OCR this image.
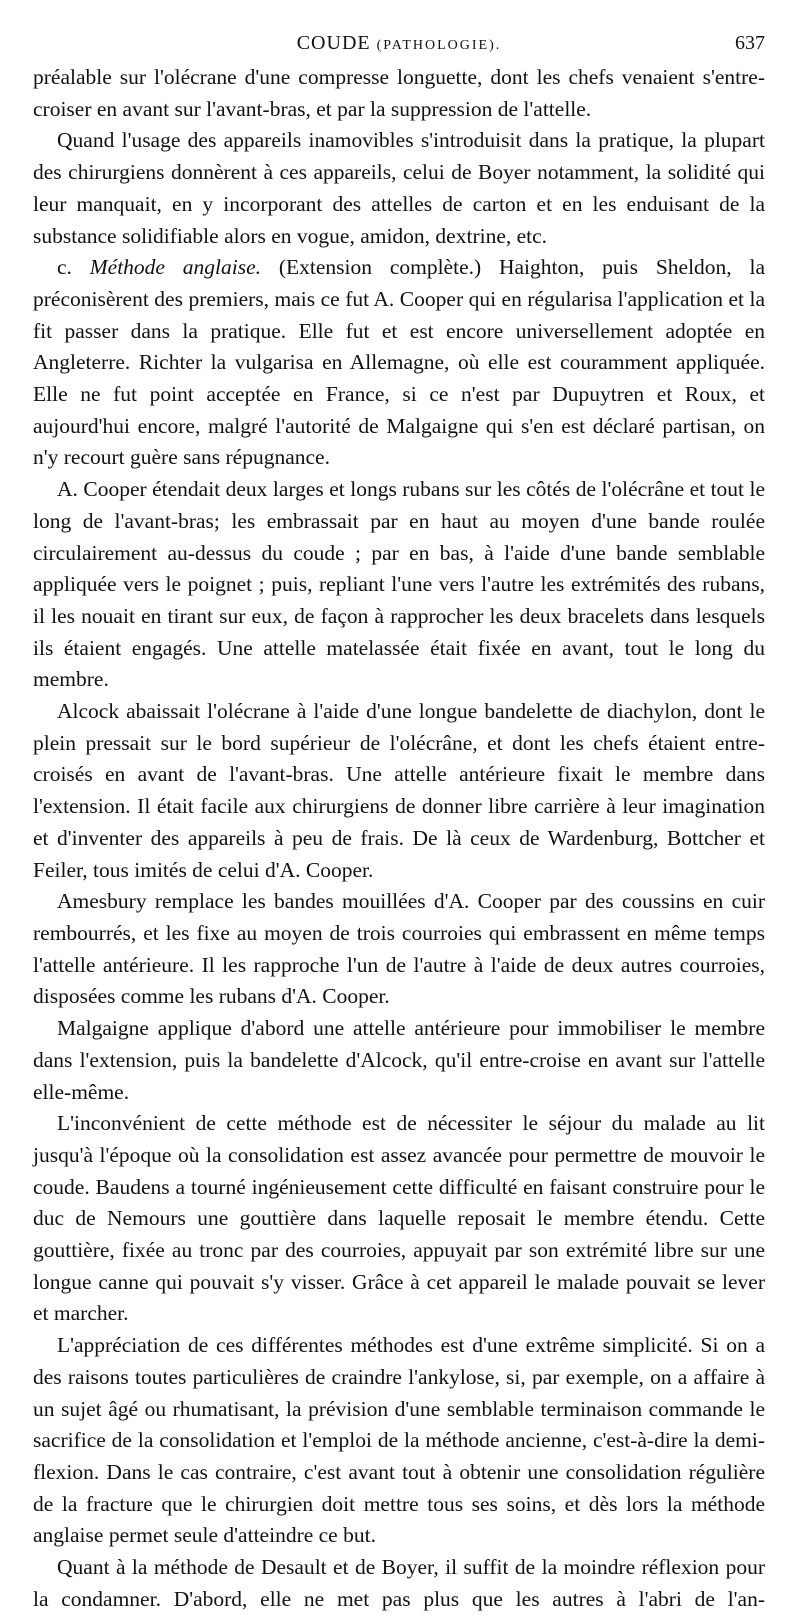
COUDE (PATHOLOGIE).	637

préalable sur l'olécrane d'une compresse longuette, dont les chefs venaient s'entre-croiser en avant sur l'avant-bras, et par la suppression de l'attelle.

Quand l'usage des appareils inamovibles s'introduisit dans la pratique, la plupart des chirurgiens donnèrent à ces appareils, celui de Boyer notamment, la solidité qui leur manquait, en y incorporant des attelles de carton et en les enduisant de la substance solidifiable alors en vogue, amidon, dextrine, etc.

c. Méthode anglaise. (Extension complète.) Haighton, puis Sheldon, la préconisèrent des premiers, mais ce fut A. Cooper qui en régularisa l'application et la fit passer dans la pratique. Elle fut et est encore universellement adoptée en Angleterre. Richter la vulgarisa en Allemagne, où elle est couramment appliquée. Elle ne fut point acceptée en France, si ce n'est par Dupuytren et Roux, et aujourd'hui encore, malgré l'autorité de Malgaigne qui s'en est déclaré partisan, on n'y recourt guère sans répugnance.

A. Cooper étendait deux larges et longs rubans sur les côtés de l'olécrâne et tout le long de l'avant-bras; les embrassait par en haut au moyen d'une bande roulée circulairement au-dessus du coude ; par en bas, à l'aide d'une bande semblable appliquée vers le poignet ; puis, repliant l'une vers l'autre les extrémités des rubans, il les nouait en tirant sur eux, de façon à rapprocher les deux bracelets dans lesquels ils étaient engagés. Une attelle matelassée était fixée en avant, tout le long du membre.

Alcock abaissait l'olécrane à l'aide d'une longue bandelette de diachylon, dont le plein pressait sur le bord supérieur de l'olécrâne, et dont les chefs étaient entre-croisés en avant de l'avant-bras. Une attelle antérieure fixait le membre dans l'extension. Il était facile aux chirurgiens de donner libre carrière à leur imagination et d'inventer des appareils à peu de frais. De là ceux de Wardenburg, Bottcher et Feiler, tous imités de celui d'A. Cooper.

Amesbury remplace les bandes mouillées d'A. Cooper par des coussins en cuir rembourrés, et les fixe au moyen de trois courroies qui embrassent en même temps l'attelle antérieure. Il les rapproche l'un de l'autre à l'aide de deux autres courroies, disposées comme les rubans d'A. Cooper.

Malgaigne applique d'abord une attelle antérieure pour immobiliser le membre dans l'extension, puis la bandelette d'Alcock, qu'il entre-croise en avant sur l'attelle elle-même.

L'inconvénient de cette méthode est de nécessiter le séjour du malade au lit jusqu'à l'époque où la consolidation est assez avancée pour permettre de mouvoir le coude. Baudens a tourné ingénieusement cette difficulté en faisant construire pour le duc de Nemours une gouttière dans laquelle reposait le membre étendu. Cette gouttière, fixée au tronc par des courroies, appuyait par son extrémité libre sur une longue canne qui pouvait s'y visser. Grâce à cet appareil le malade pouvait se lever et marcher.

L'appréciation de ces différentes méthodes est d'une extrême simplicité. Si on a des raisons toutes particulières de craindre l'ankylose, si, par exemple, on a affaire à un sujet âgé ou rhumatisant, la prévision d'une semblable terminaison commande le sacrifice de la consolidation et l'emploi de la méthode ancienne, c'est-à-dire la demi-flexion. Dans le cas contraire, c'est avant tout à obtenir une consolidation régulière de la fracture que le chirurgien doit mettre tous ses soins, et dès lors la méthode anglaise permet seule d'atteindre ce but.

Quant à la méthode de Desault et de Boyer, il suffit de la moindre réflexion pour la condamner. D'abord, elle ne met pas plus que les autres à l'abri de l'an-
